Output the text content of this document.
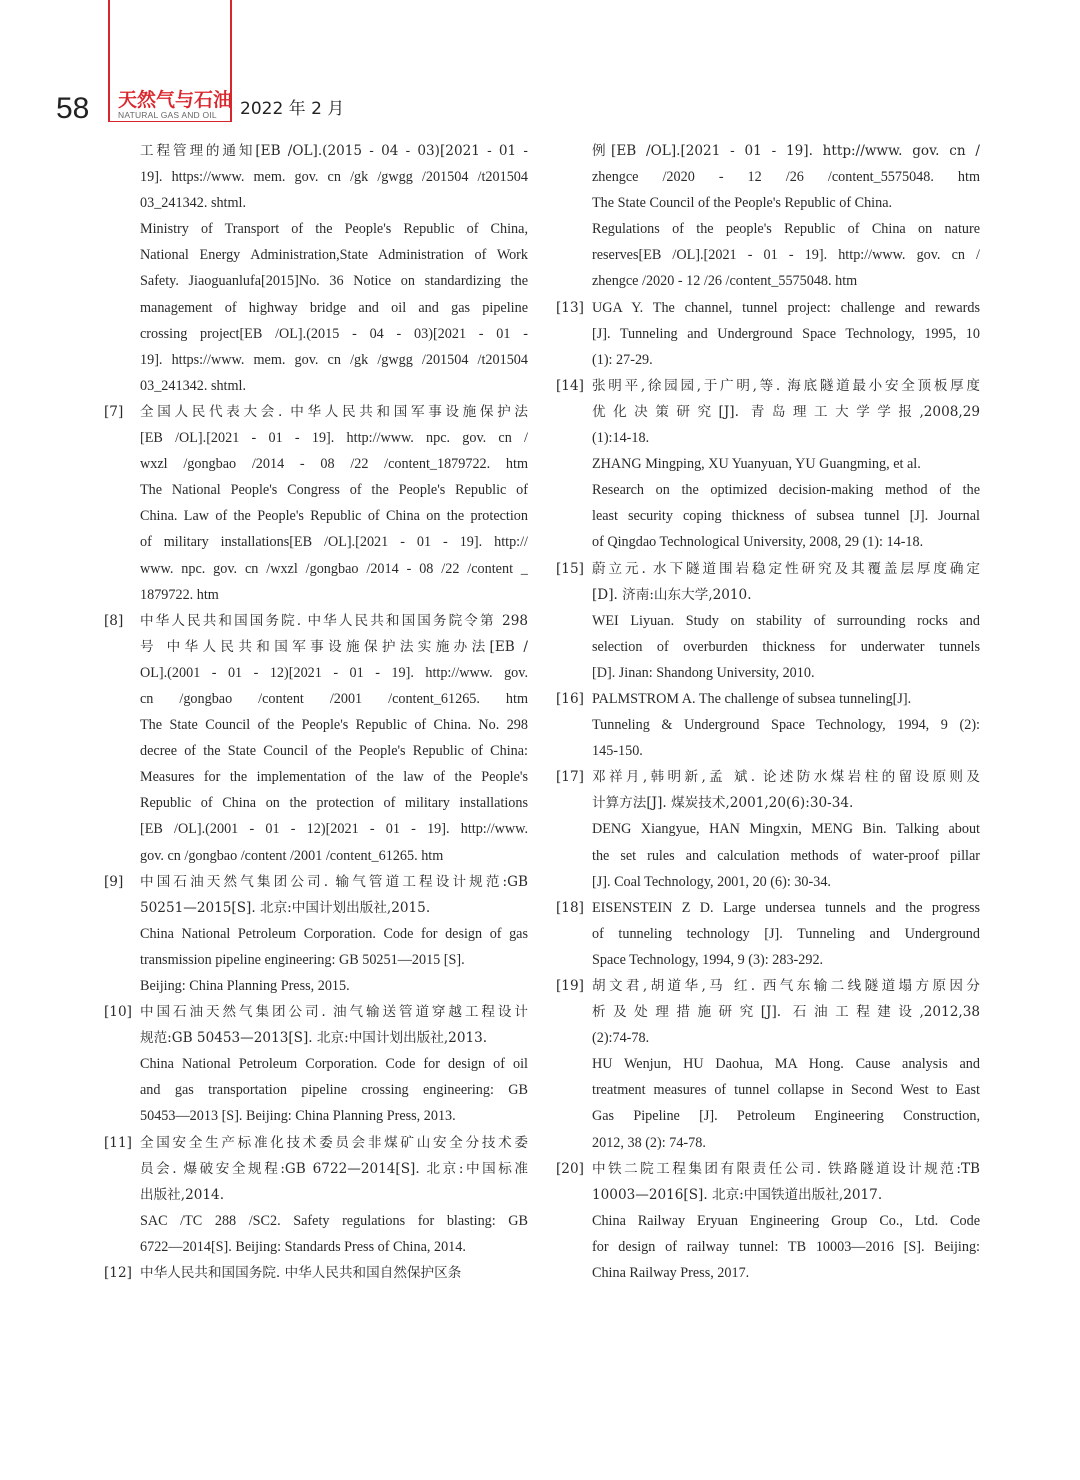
58 天然气与石油
NATURAL GAS AND OIL 2022 年 2 月
工程管理的通知[EB /OL].(2015 - 04 - 03)[2021 - 01 -
19]. https://www. mem. gov. cn /gk /gwgg /201504 /t201504
03_241342. shtml.
Ministry of Transport of the People's Republic of China,
National Energy Administration,State Administration of Work
Safety. Jiaoguanlufa[2015]No. 36 Notice on standardizing the
management of highway bridge and oil and gas pipeline
crossing project[EB /OL].(2015 - 04 - 03)[2021 - 01 -
19]. https://www. mem. gov. cn /gk /gwgg /201504 /t201504
03_241342. shtml.
[7]	全国人民代表大会. 中华人民共和国军事设施保护法
[EB /OL].[2021 - 01 - 19]. http://www. npc. gov. cn /
wxzl /gongbao /2014 - 08 /22 /content_1879722. htm
The National People's Congress of the People's Republic of
China. Law of the People's Republic of China on the protection
of military installations[EB /OL].[2021 - 01 - 19]. http://
www. npc. gov. cn /wxzl /gongbao /2014 - 08 /22 /content _
1879722. htm
[8]	中华人民共和国国务院. 中华人民共和国国务院令第 298
号 中华人民共和国军事设施保护法实施办法[EB /
OL].(2001 - 01 - 12)[2021 - 01 - 19]. http://www. gov.
cn /gongbao /content /2001 /content_61265. htm
The State Council of the People's Republic of China. No. 298
decree of the State Council of the People's Republic of China:
Measures for the implementation of the law of the People's
Republic of China on the protection of military installations
[EB /OL].(2001 - 01 - 12)[2021 - 01 - 19]. http://www.
gov. cn /gongbao /content /2001 /content_61265. htm
[9]	中国石油天然气集团公司. 输气管道工程设计规范:GB
50251—2015[S]. 北京:中国计划出版社,2015.
China National Petroleum Corporation. Code for design of gas
transmission pipeline engineering: GB 50251—2015 [S].
Beijing: China Planning Press, 2015.
[10] 中国石油天然气集团公司. 油气输送管道穿越工程设计
规范:GB 50453—2013[S]. 北京:中国计划出版社,2013.
China National Petroleum Corporation. Code for design of oil
and gas transportation pipeline crossing engineering: GB
50453—2013 [S]. Beijing: China Planning Press, 2013.
[11] 全国安全生产标准化技术委员会非煤矿山安全分技术委
员会. 爆破安全规程:GB 6722—2014[S]. 北京:中国标准
出版社,2014.
SAC /TC 288 /SC2. Safety regulations for blasting: GB
6722—2014[S]. Beijing: Standards Press of China, 2014.
[12] 中华人民共和国国务院. 中华人民共和国自然保护区条
例[EB /OL].[2021 - 01 - 19]. http://www. gov. cn /
zhengce /2020 - 12 /26 /content_5575048. htm
The State Council of the People's Republic of China.
Regulations of the people's Republic of China on nature
reserves[EB /OL].[2021 - 01 - 19]. http://www. gov. cn /
zhengce /2020 - 12 /26 /content_5575048. htm
[13] UGA Y. The channel, tunnel project: challenge and rewards
[J]. Tunneling and Underground Space Technology, 1995, 10
(1): 27-29.
[14] 张明平,徐园园,于广明,等. 海底隧道最小安全顶板厚度
优化决策研究[J]. 青岛理工大学学报,2008,29
(1):14-18.
ZHANG Mingping, XU Yuanyuan, YU Guangming, et al.
Research on the optimized decision-making method of the
least security coping thickness of subsea tunnel [J]. Journal
of Qingdao Technological University, 2008, 29 (1): 14-18.
[15] 蔚立元. 水下隧道围岩稳定性研究及其覆盖层厚度确定
[D]. 济南:山东大学,2010.
WEI Liyuan. Study on stability of surrounding rocks and
selection of overburden thickness for underwater tunnels
[D]. Jinan: Shandong University, 2010.
[16] PALMSTROM A. The challenge of subsea tunneling[J].
Tunneling & Underground Space Technology, 1994, 9 (2):
145-150.
[17] 邓祥月,韩明新,孟 斌. 论述防水煤岩柱的留设原则及
计算方法[J]. 煤炭技术,2001,20(6):30-34.
DENG Xiangyue, HAN Mingxin, MENG Bin. Talking about
the set rules and calculation methods of water-proof pillar
[J]. Coal Technology, 2001, 20 (6): 30-34.
[18] EISENSTEIN Z D. Large undersea tunnels and the progress
of tunneling technology [J]. Tunneling and Underground
Space Technology, 1994, 9 (3): 283-292.
[19] 胡文君,胡道华,马 红. 西气东输二线隧道塌方原因分
析及处理措施研究[J]. 石油工程建设,2012,38
(2):74-78.
HU Wenjun, HU Daohua, MA Hong. Cause analysis and
treatment measures of tunnel collapse in Second West to East
Gas Pipeline [J]. Petroleum Engineering Construction,
2012, 38 (2): 74-78.
[20] 中铁二院工程集团有限责任公司. 铁路隧道设计规范:TB
10003—2016[S]. 北京:中国铁道出版社,2017.
China Railway Eryuan Engineering Group Co., Ltd. Code
for design of railway tunnel: TB 10003—2016 [S]. Beijing:
China Railway Press, 2017.
